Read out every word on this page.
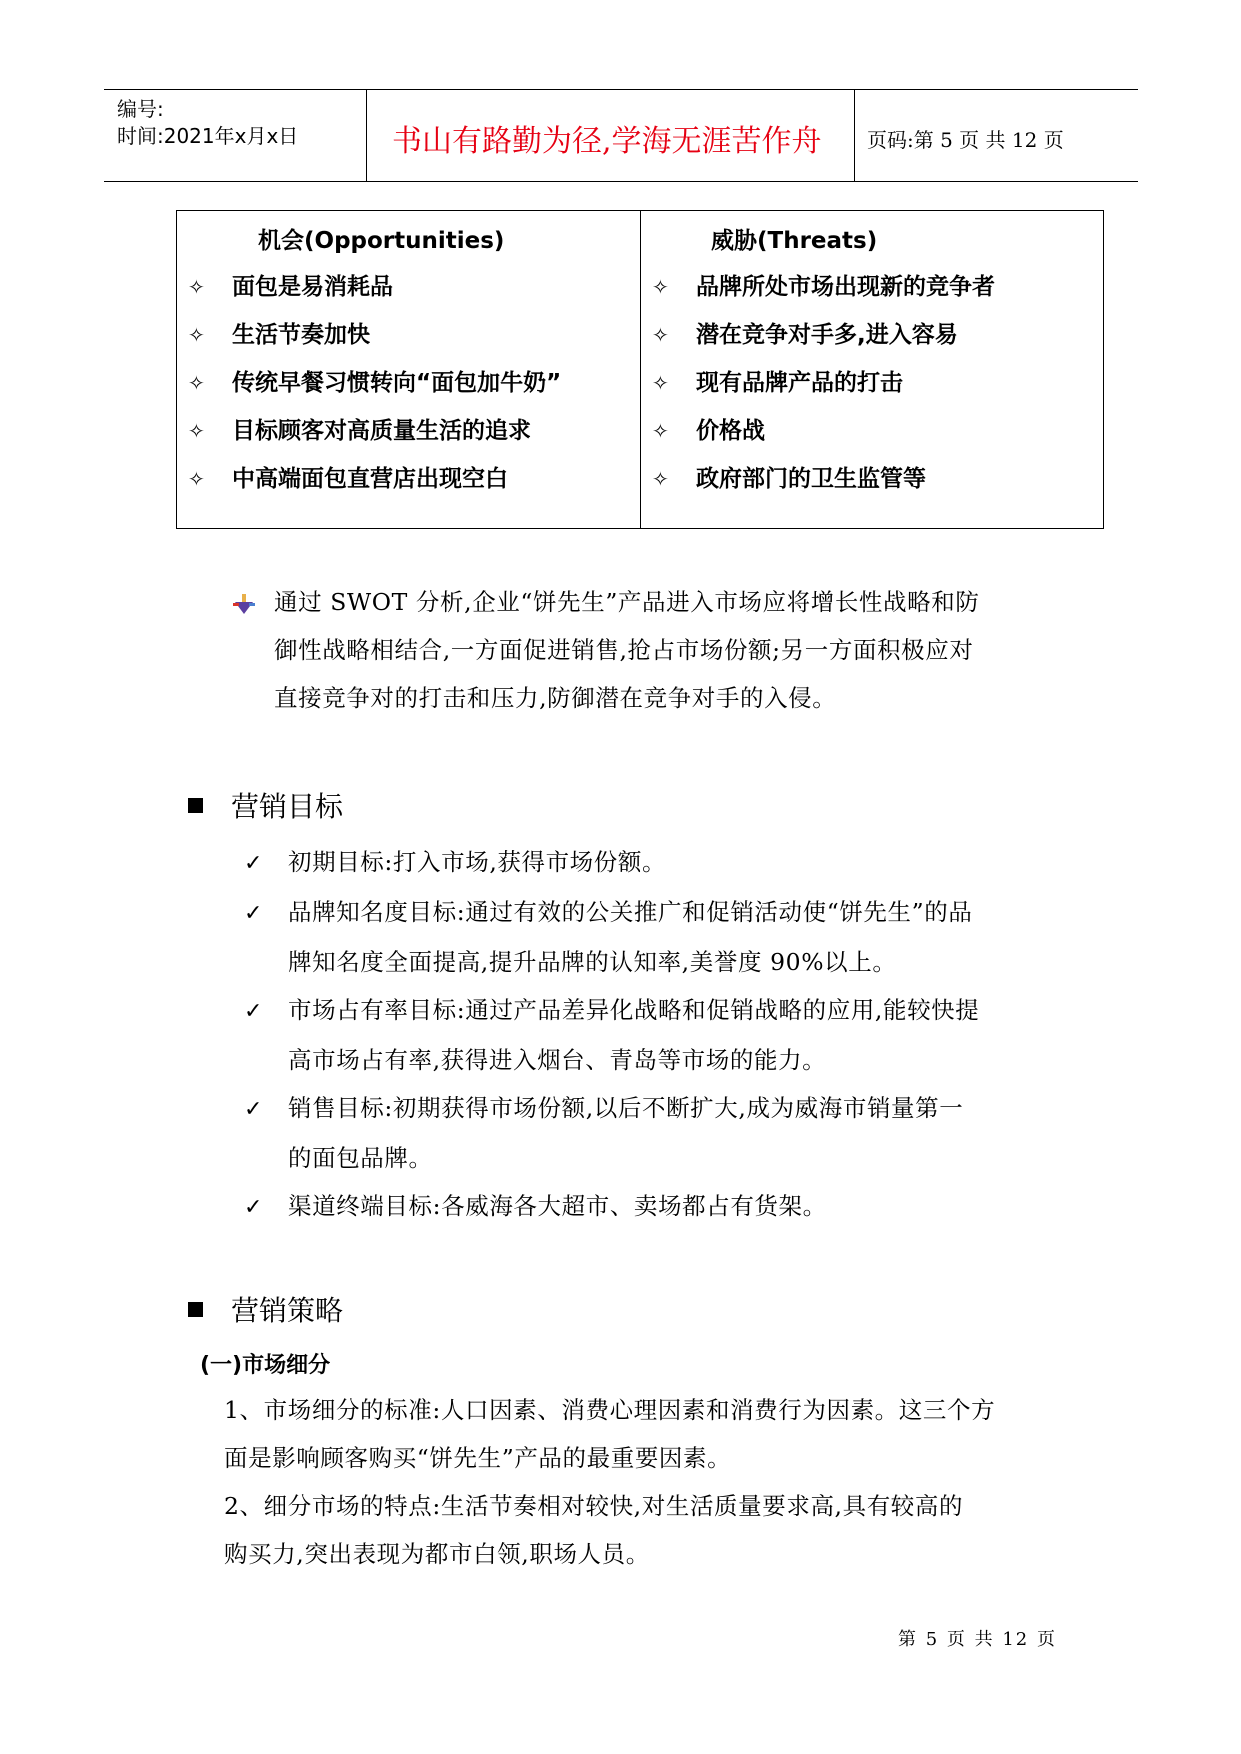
编号:
时间:2021年x月x日	书山有路勤为径,学海无涯苦作舟 页码:第 5 页 共 12 页
机会(Opportunities)	威胁(Threats)
✧ 面包是易消耗品
✧ 生活节奏加快
✧ 传统早餐习惯转向“面包加牛奶”
✧ 目标顾客对高质量生活的追求
✧ 中高端面包直营店出现空白
✧ 品牌所处市场出现新的竞争者
✧ 潜在竞争对手多,进入容易
✧ 现有品牌产品的打击
✧ 价格战
✧ 政府部门的卫生监管等
通过 SWOT 分析,企业“饼先生”产品进入市场应将增长性战略和防
御性战略相结合,一方面促进销售,抢占市场份额;另一方面积极应对
直接竞争对的打击和压力,防御潜在竞争对手的入侵。
营销目标
✓ 初期目标:打入市场,获得市场份额。
✓ 品牌知名度目标:通过有效的公关推广和促销活动使“饼先生”的品
牌知名度全面提高,提升品牌的认知率,美誉度 90%以上。
✓ 市场占有率目标:通过产品差异化战略和促销战略的应用,能较快提
高市场占有率,获得进入烟台、青岛等市场的能力。
✓ 销售目标:初期获得市场份额,以后不断扩大,成为威海市销量第一
的面包品牌。
✓ 渠道终端目标:各威海各大超市、卖场都占有货架。
营销策略
(一)市场细分
1、市场细分的标准:人口因素、消费心理因素和消费行为因素。这三个方
面是影响顾客购买“饼先生”产品的最重要因素。
2、细分市场的特点:生活节奏相对较快,对生活质量要求高,具有较高的
购买力,突出表现为都市白领,职场人员。
第 5 页 共 12 页
